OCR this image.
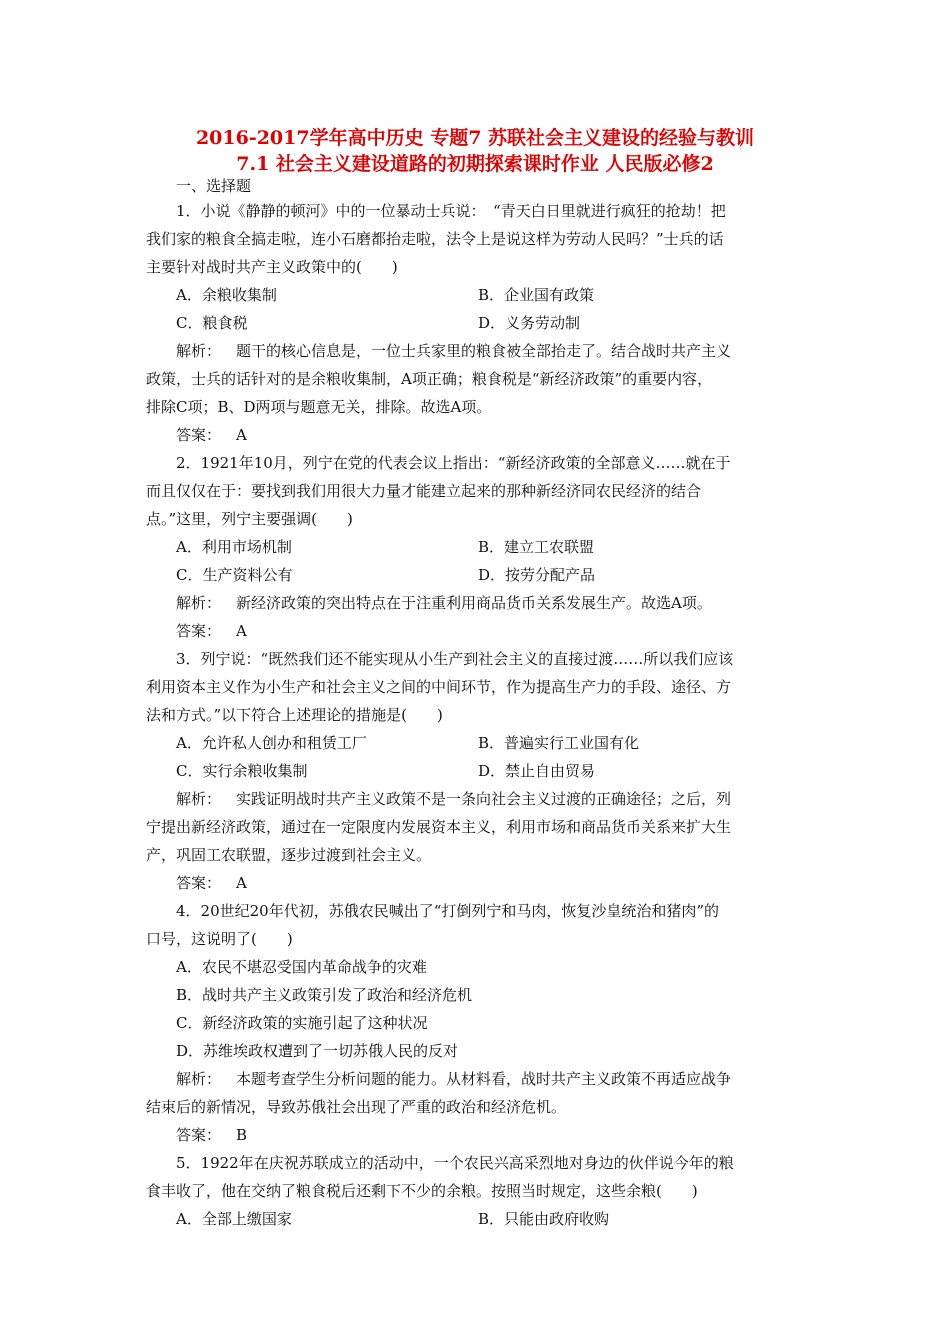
2016-2017学年高中历史 专题7 苏联社会主义建设的经验与教训
7.1 社会主义建设道路的初期探索课时作业 人民版必修2
一、选择题
1．小说《静静的顿河》中的一位暴动士兵说：　“青天白日里就进行疯狂的抢劫！把
我们家的粮食全搞走啦，连小石磨都抬走啦，法令上是说这样为劳动人民吗？”士兵的话
主要针对战时共产主义政策中的(　　)
A．余粮收集制	B．企业国有政策
C．粮食税	D．义务劳动制
解析： 题干的核心信息是，一位士兵家里的粮食被全部抬走了。结合战时共产主义
政策，士兵的话针对的是余粮收集制，A项正确；粮食税是“新经济政策”的重要内容，
排除C项；B、D两项与题意无关，排除。故选A项。
答案： A
2．1921年10月，列宁在党的代表会议上指出：“新经济政策的全部意义……就在于
而且仅仅在于：要找到我们用很大力量才能建立起来的那种新经济同农民经济的结合
点。”这里，列宁主要强调(　　)
A．利用市场机制	B．建立工农联盟
C．生产资料公有	D．按劳分配产品
解析： 新经济政策的突出特点在于注重利用商品货币关系发展生产。故选A项。
答案： A
3．列宁说：“既然我们还不能实现从小生产到社会主义的直接过渡……所以我们应该
利用资本主义作为小生产和社会主义之间的中间环节，作为提高生产力的手段、途径、方
法和方式。”以下符合上述理论的措施是(　　)
A．允许私人创办和租赁工厂	B．普遍实行工业国有化
C．实行余粮收集制	D．禁止自由贸易
解析： 实践证明战时共产主义政策不是一条向社会主义过渡的正确途径；之后，列
宁提出新经济政策，通过在一定限度内发展资本主义，利用市场和商品货币关系来扩大生
产，巩固工农联盟，逐步过渡到社会主义。
答案： A
4．20世纪20年代初，苏俄农民喊出了“打倒列宁和马肉，恢复沙皇统治和猪肉”的
口号，这说明了(　　)
A．农民不堪忍受国内革命战争的灾难
B．战时共产主义政策引发了政治和经济危机
C．新经济政策的实施引起了这种状况
D．苏维埃政权遭到了一切苏俄人民的反对
解析： 本题考查学生分析问题的能力。从材料看，战时共产主义政策不再适应战争
结束后的新情况，导致苏俄社会出现了严重的政治和经济危机。
答案： B
5．1922年在庆祝苏联成立的活动中，一个农民兴高采烈地对身边的伙伴说今年的粮
食丰收了，他在交纳了粮食税后还剩下不少的余粮。按照当时规定，这些余粮(　　)
A．全部上缴国家	B．只能由政府收购
